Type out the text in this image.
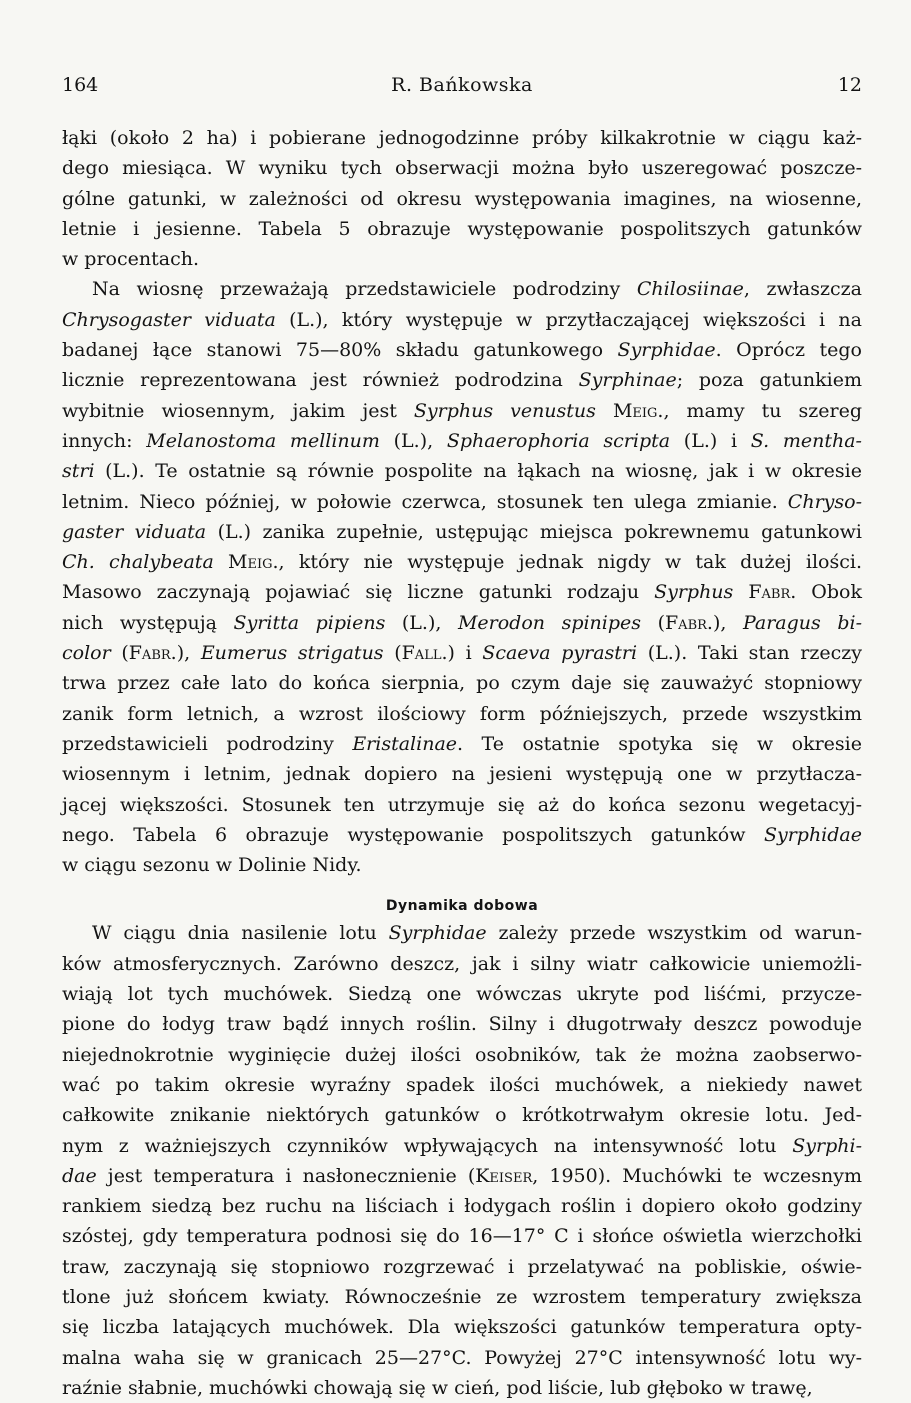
164	R. Bańkowska	12
łąki (około 2 ha) i pobierane jednogodzinne próby kilkakrotnie w ciągu każ-
dego miesiąca. W wyniku tych obserwacji można było uszeregować poszcze-
gólne gatunki, w zależności od okresu występowania imagines, na wiosenne,
letnie i jesienne. Tabela 5 obrazuje występowanie pospolitszych gatunków
w procentach.
Na wiosnę przeważają przedstawiciele podrodziny Chilosiinae, zwłaszcza
Chrysogaster viduata (L.), który występuje w przytłaczającej większości i na
badanej łące stanowi 75—80% składu gatunkowego Syrphidae. Oprócz tego
licznie reprezentowana jest również podrodzina Syrphinae; poza gatunkiem
wybitnie wiosennym, jakim jest Syrphus venustus Meig., mamy tu szereg
innych: Melanostoma mellinum (L.), Sphaerophoria scripta (L.) i S. mentha-
stri (L.). Te ostatnie są równie pospolite na łąkach na wiosnę, jak i w okresie
letnim. Nieco później, w połowie czerwca, stosunek ten ulega zmianie. Chryso-
gaster viduata (L.) zanika zupełnie, ustępując miejsca pokrewnemu gatunkowi
Ch. chalybeata Meig., który nie występuje jednak nigdy w tak dużej ilości.
Masowo zaczynają pojawiać się liczne gatunki rodzaju Syrphus Fabr. Obok
nich występują Syritta pipiens (L.), Merodon spinipes (Fabr.), Paragus bi-
color (Fabr.), Eumerus strigatus (Fall.) i Scaeva pyrastri (L.). Taki stan rzeczy
trwa przez całe lato do końca sierpnia, po czym daje się zauważyć stopniowy
zanik form letnich, a wzrost ilościowy form późniejszych, przede wszystkim
przedstawicieli podrodziny Eristalinae. Te ostatnie spotyka się w okresie
wiosennym i letnim, jednak dopiero na jesieni występują one w przytłacza-
jącej większości. Stosunek ten utrzymuje się aż do końca sezonu wegetacyj-
nego. Tabela 6 obrazuje występowanie pospolitszych gatunków Syrphidae
w ciągu sezonu w Dolinie Nidy.
Dynamika dobowa
W ciągu dnia nasilenie lotu Syrphidae zależy przede wszystkim od warun-
ków atmosferycznych. Zarówno deszcz, jak i silny wiatr całkowicie uniemożli-
wiają lot tych muchówek. Siedzą one wówczas ukryte pod liśćmi, przycze-
pione do łodyg traw bądź innych roślin. Silny i długotrwały deszcz powoduje
niejednokrotnie wyginięcie dużej ilości osobników, tak że można zaobserwo-
wać po takim okresie wyraźny spadek ilości muchówek, a niekiedy nawet
całkowite znikanie niektórych gatunków o krótkotrwałym okresie lotu. Jed-
nym z ważniejszych czynników wpływających na intensywność lotu Syrphi-
dae jest temperatura i nasłonecznienie (Keiser, 1950). Muchówki te wczesnym
rankiem siedzą bez ruchu na liściach i łodygach roślin i dopiero około godziny
szóstej, gdy temperatura podnosi się do 16—17° C i słońce oświetla wierzchołki
traw, zaczynają się stopniowo rozgrzewać i przelatywać na pobliskie, oświe-
tlone już słońcem kwiaty. Równocześnie ze wzrostem temperatury zwiększa
się liczba latających muchówek. Dla większości gatunków temperatura opty-
malna waha się w granicach 25—27°C. Powyżej 27°C intensywność lotu wy-
raźnie słabnie, muchówki chowają się w cień, pod liście, lub głęboko w trawę,
